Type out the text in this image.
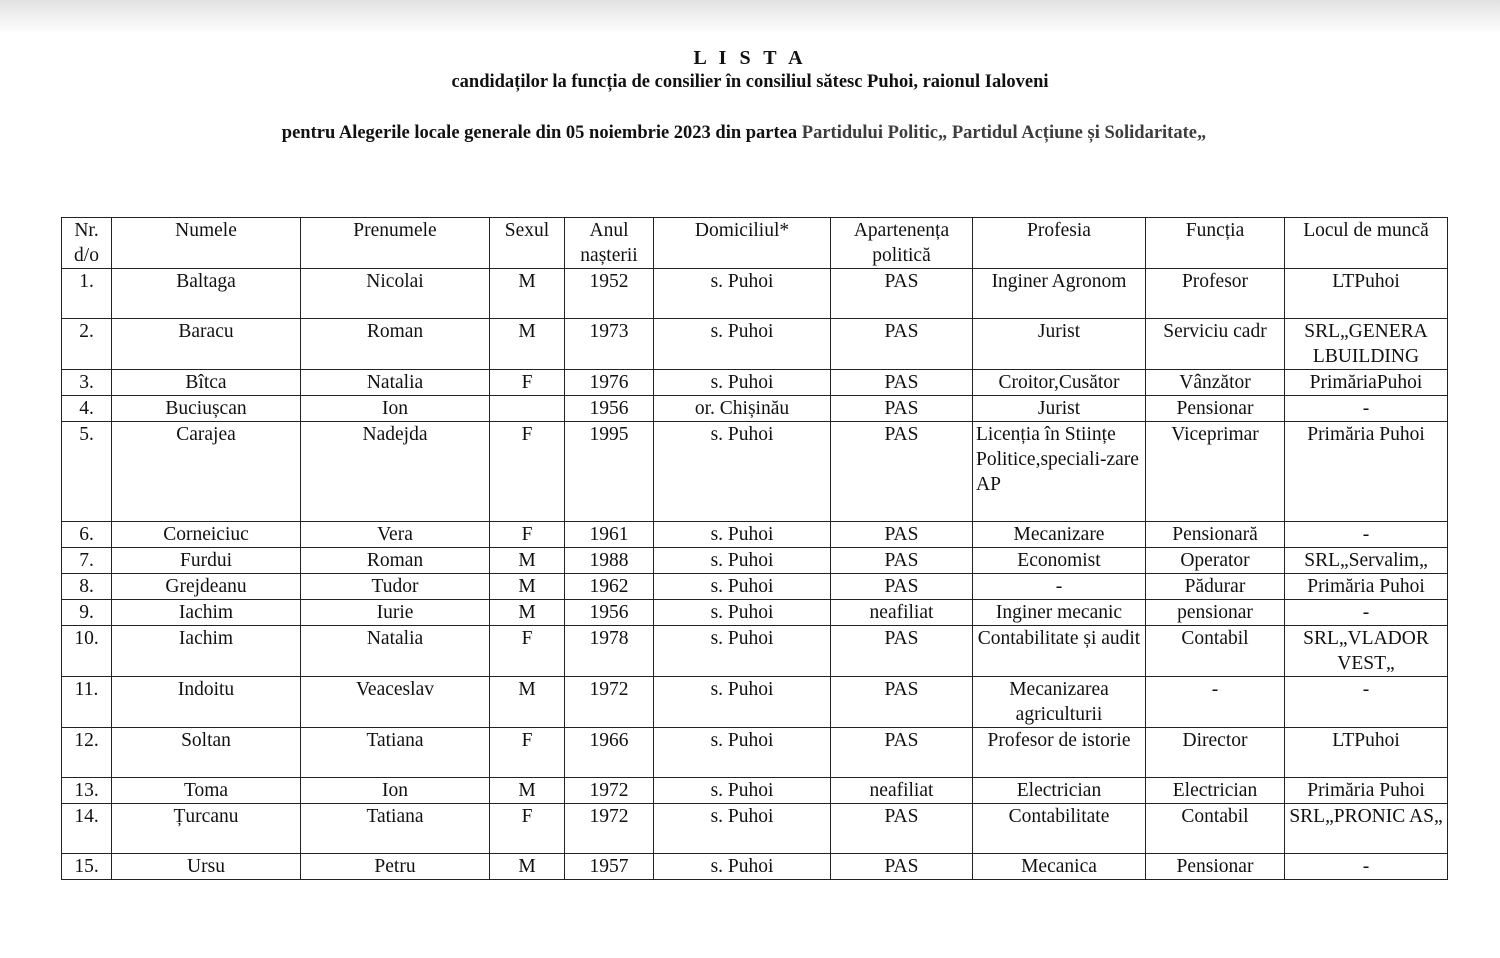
L I S T A
candidaților la funcția de consilier în consiliul sătesc Puhoi, raionul Ialoveni
pentru Alegerile locale generale din 05 noiembrie 2023 din partea Partidului Politic„ Partidul Acțiune și Solidaritate„
Nr. d/o	Numele	Prenumele	Sexul	Anul nașterii	Domiciliul*	Apartenența politică	Profesia	Funcția	Locul de muncă
1.	Baltaga	Nicolai	M	1952	s. Puhoi	PAS	Inginer Agronom	Profesor	LTPuhoi
2.	Baracu	Roman	M	1973	s. Puhoi	PAS	Jurist	Serviciu cadr	SRL„GENERA LBUILDING
3.	Bîtca	Natalia	F	1976	s. Puhoi	PAS	Croitor,Cusător	Vânzător	PrimăriaPuhoi
4.	Buciușcan	Ion		1956	or. Chișinău	PAS	Jurist	Pensionar	-
5.	Carajea	Nadejda	F	1995	s. Puhoi	PAS	Licenția în Stiințe Politice,speciali-zare AP	Viceprimar	Primăria Puhoi
6.	Corneiciuc	Vera	F	1961	s. Puhoi	PAS	Mecanizare	Pensionară	-
7.	Furdui	Roman	M	1988	s. Puhoi	PAS	Economist	Operator	SRL„Servalim„
8.	Grejdeanu	Tudor	M	1962	s. Puhoi	PAS	-	Pădurar	Primăria Puhoi
9.	Iachim	Iurie	M	1956	s. Puhoi	neafiliat	Inginer mecanic	pensionar	-
10.	Iachim	Natalia	F	1978	s. Puhoi	PAS	Contabilitate și audit	Contabil	SRL„VLADOR VEST„
11.	Indoitu	Veaceslav	M	1972	s. Puhoi	PAS	Mecanizarea agriculturii	-	-
12.	Soltan	Tatiana	F	1966	s. Puhoi	PAS	Profesor de istorie	Director	LTPuhoi
13.	Toma	Ion	M	1972	s. Puhoi	neafiliat	Electrician	Electrician	Primăria Puhoi
14.	Țurcanu	Tatiana	F	1972	s. Puhoi	PAS	Contabilitate	Contabil	SRL„PRONIC AS„
15.	Ursu	Petru	M	1957	s. Puhoi	PAS	Mecanica	Pensionar	-
